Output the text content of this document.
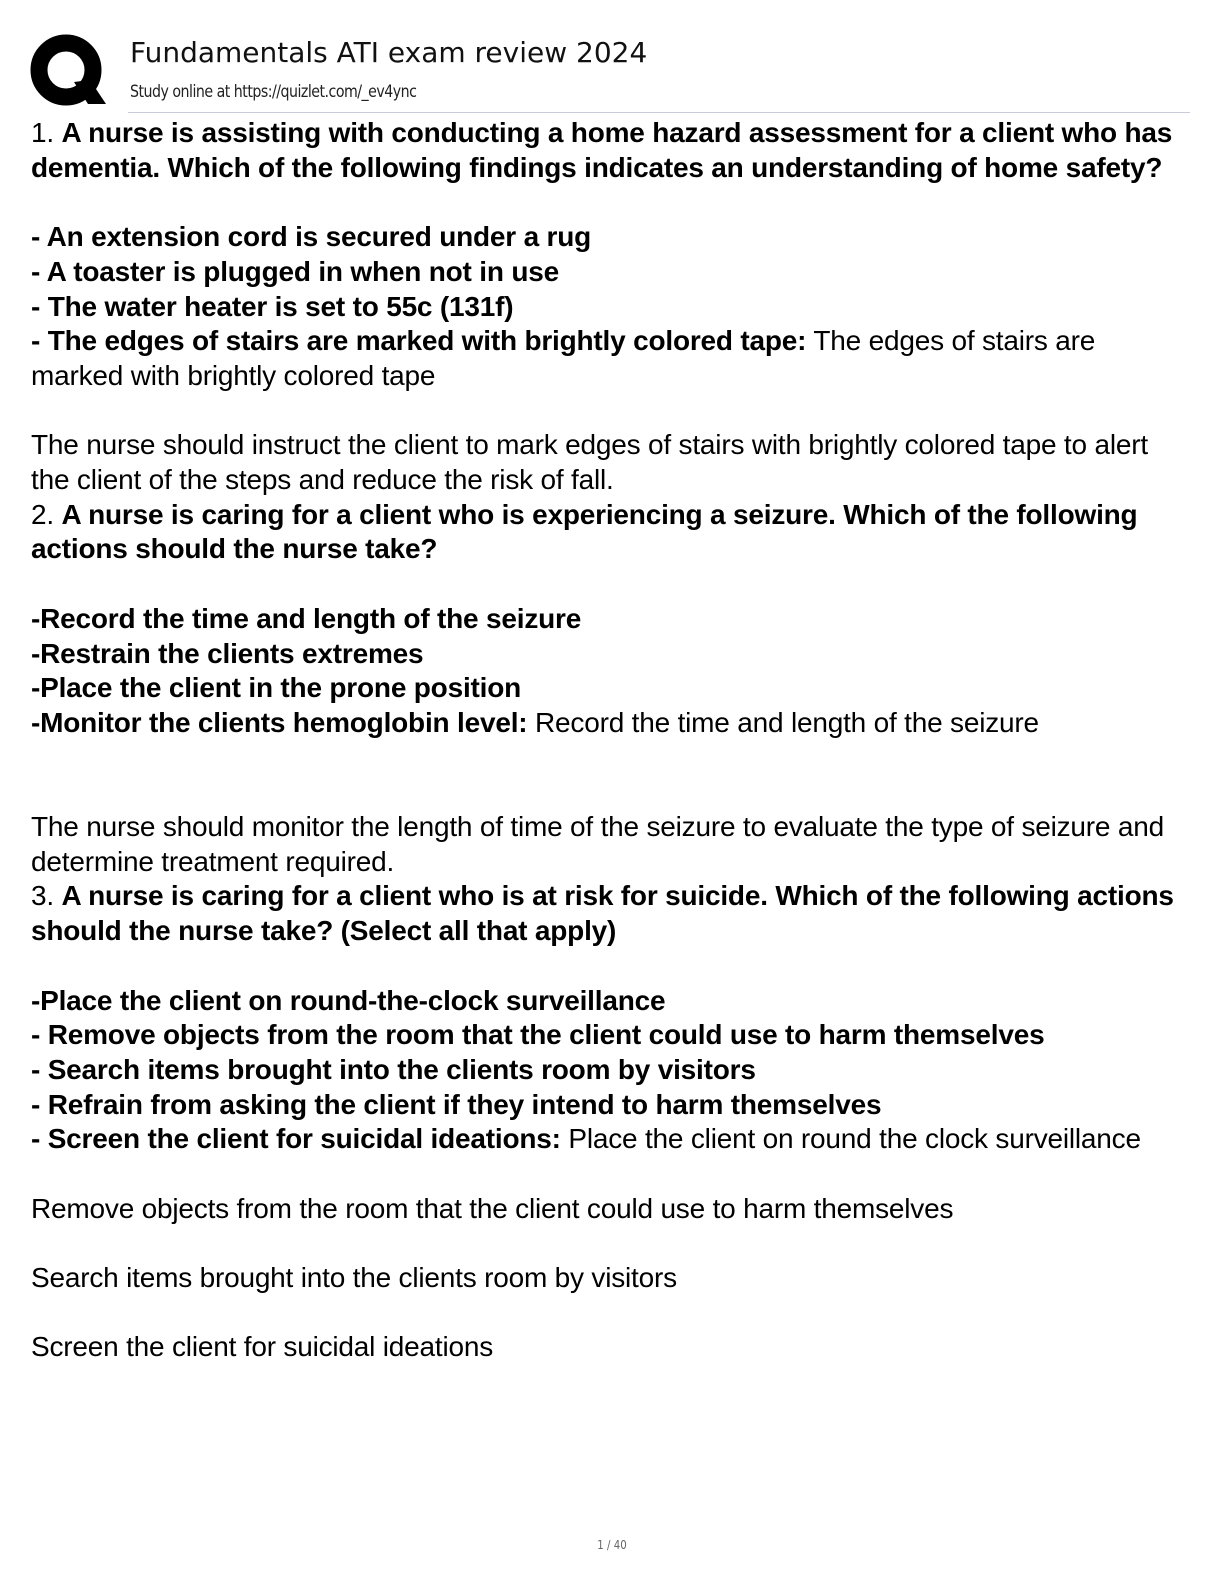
Fundamentals ATI exam review 2024
Study online at https://quizlet.com/_ev4ync

1. A nurse is assisting with conducting a home hazard assessment for a client who has dementia. Which of the following findings indicates an understanding of home safety?

- An extension cord is secured under a rug

- A toaster is plugged in when not in use

- The water heater is set to 55c (131f)

- The edges of stairs are marked with brightly colored tape: The edges of stairs are marked with brightly colored tape

The nurse should instruct the client to mark edges of stairs with brightly colored tape to alert the client of the steps and reduce the risk of fall.

2. A nurse is caring for a client who is experiencing a seizure. Which of the following actions should the nurse take?

-Record the time and length of the seizure

-Restrain the clients extremes

-Place the client in the prone position

-Monitor the clients hemoglobin level: Record the time and length of the seizure

The nurse should monitor the length of time of the seizure to evaluate the type of seizure and determine treatment required.

3. A nurse is caring for a client who is at risk for suicide. Which of the following actions should the nurse take? (Select all that apply)

-Place the client on round-the-clock surveillance

- Remove objects from the room that the client could use to harm themselves

- Search items brought into the clients room by visitors

- Refrain from asking the client if they intend to harm themselves

- Screen the client for suicidal ideations: Place the client on round the clock surveillance

Remove objects from the room that the client could use to harm themselves

Search items brought into the clients room by visitors

Screen the client for suicidal ideations

1 / 40
